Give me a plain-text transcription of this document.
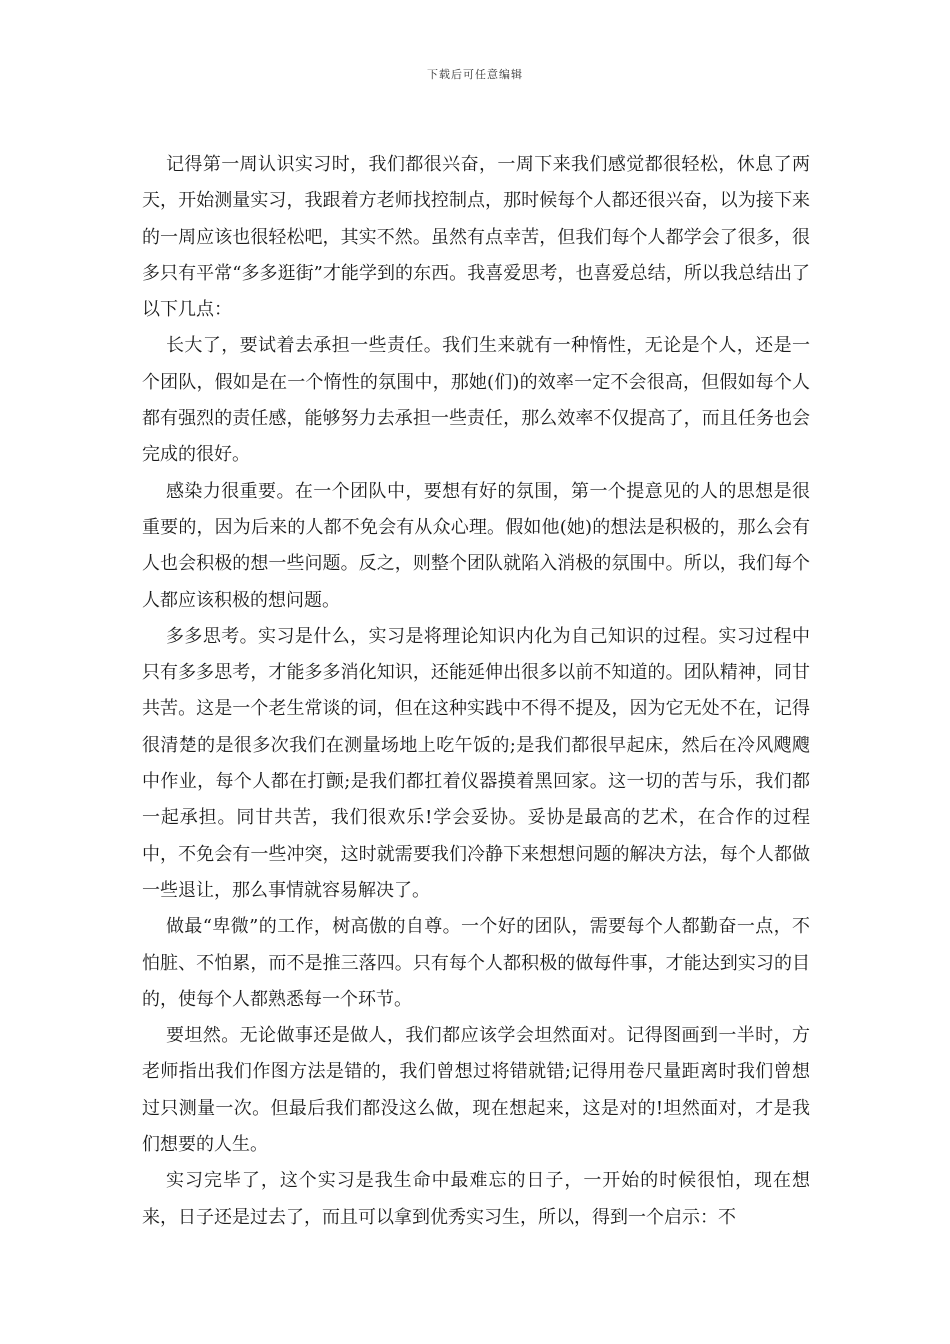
下载后可任意编辑

记得第一周认识实习时，我们都很兴奋，一周下来我们感觉都很轻松，休息了两天，开始测量实习，我跟着方老师找控制点，那时候每个人都还很兴奋，以为接下来的一周应该也很轻松吧，其实不然。虽然有点幸苦，但我们每个人都学会了很多，很多只有平常“多多逛街”才能学到的东西。我喜爱思考，也喜爱总结，所以我总结出了以下几点：

长大了，要试着去承担一些责任。我们生来就有一种惰性，无论是个人，还是一个团队，假如是在一个惰性的氛围中，那她(们)的效率一定不会很高，但假如每个人都有强烈的责任感，能够努力去承担一些责任，那么效率不仅提高了，而且任务也会完成的很好。

感染力很重要。在一个团队中，要想有好的氛围，第一个提意见的人的思想是很重要的，因为后来的人都不免会有从众心理。假如他(她)的想法是积极的，那么会有人也会积极的想一些问题。反之，则整个团队就陷入消极的氛围中。所以，我们每个人都应该积极的想问题。

多多思考。实习是什么，实习是将理论知识内化为自己知识的过程。实习过程中只有多多思考，才能多多消化知识，还能延伸出很多以前不知道的。团队精神，同甘共苦。这是一个老生常谈的词，但在这种实践中不得不提及，因为它无处不在，记得很清楚的是很多次我们在测量场地上吃午饭的;是我们都很早起床，然后在冷风飕飕中作业，每个人都在打颤;是我们都扛着仪器摸着黑回家。这一切的苦与乐，我们都一起承担。同甘共苦，我们很欢乐!学会妥协。妥协是最高的艺术，在合作的过程中，不免会有一些冲突，这时就需要我们冷静下来想想问题的解决方法，每个人都做一些退让，那么事情就容易解决了。

做最“卑微”的工作，树高傲的自尊。一个好的团队，需要每个人都勤奋一点，不怕脏、不怕累，而不是推三落四。只有每个人都积极的做每件事，才能达到实习的目的，使每个人都熟悉每一个环节。

要坦然。无论做事还是做人，我们都应该学会坦然面对。记得图画到一半时，方老师指出我们作图方法是错的，我们曾想过将错就错;记得用卷尺量距离时我们曾想过只测量一次。但最后我们都没这么做，现在想起来，这是对的!坦然面对，才是我们想要的人生。

实习完毕了，这个实习是我生命中最难忘的日子，一开始的时候很怕，现在想来，日子还是过去了，而且可以拿到优秀实习生，所以，得到一个启示：不
